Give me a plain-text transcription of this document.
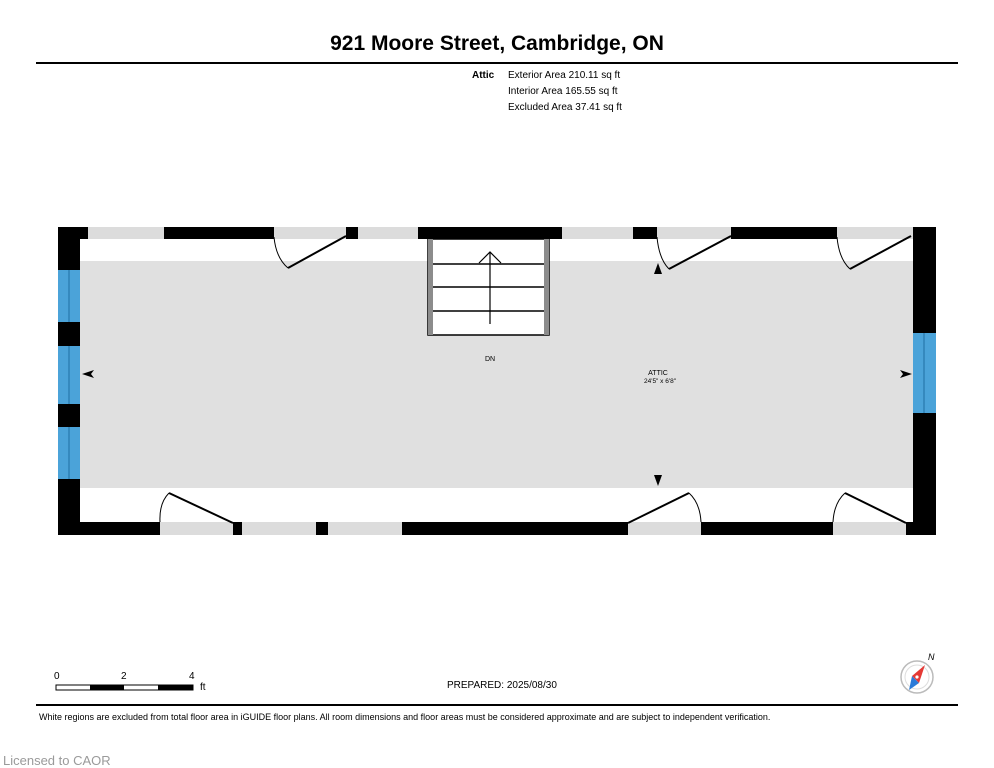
921 Moore Street, Cambridge, ON
Attic Exterior Area 210.11 sq ft
Interior Area 165.55 sq ft
Excluded Area 37.41 sq ft
DN
ATTIC
24'5" x 6'8"
N
0	2	4
ft	PREPARED: 2025/08/30
White regions are excluded from total floor area in iGUIDE floor plans. All room dimensions and floor areas must be considered approximate and are subject to independent verification.
Licensed to CAOR
